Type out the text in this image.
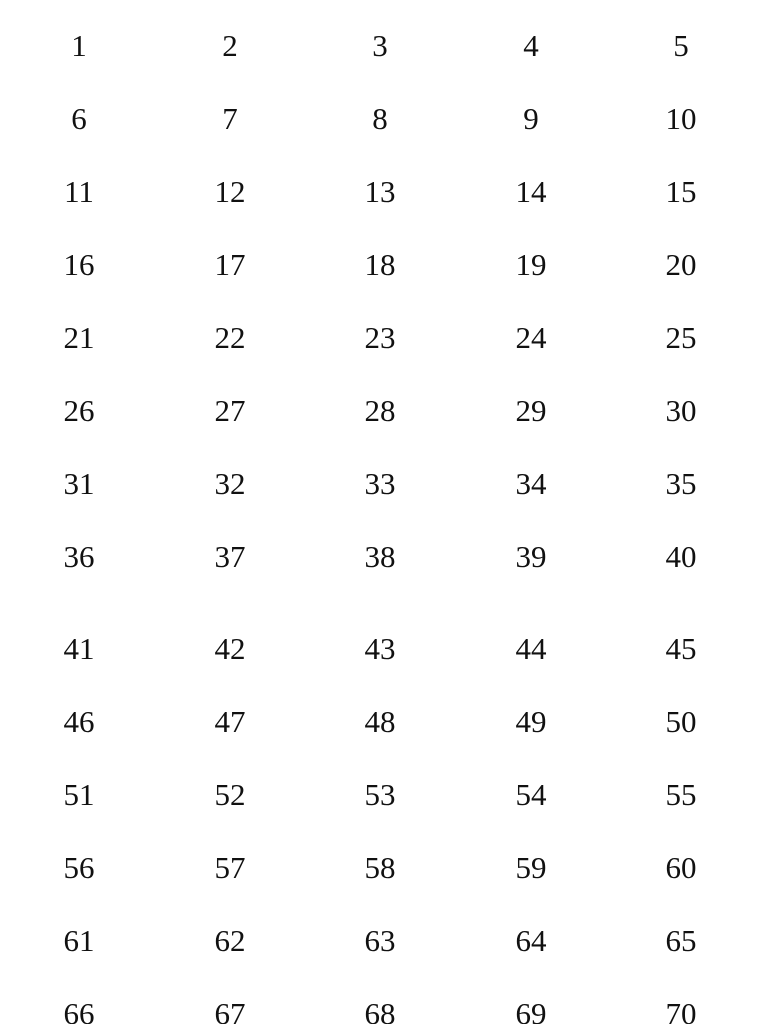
1	2	3	4	5
6	7	8	9	10
11	12	13	14	15
16	17	18	19	20
21	22	23	24	25
26	27	28	29	30
31	32	33	34	35
36	37	38	39	40
41	42	43	44	45
46	47	48	49	50
51	52	53	54	55
56	57	58	59	60
61	62	63	64	65
66	67	68	69	70
